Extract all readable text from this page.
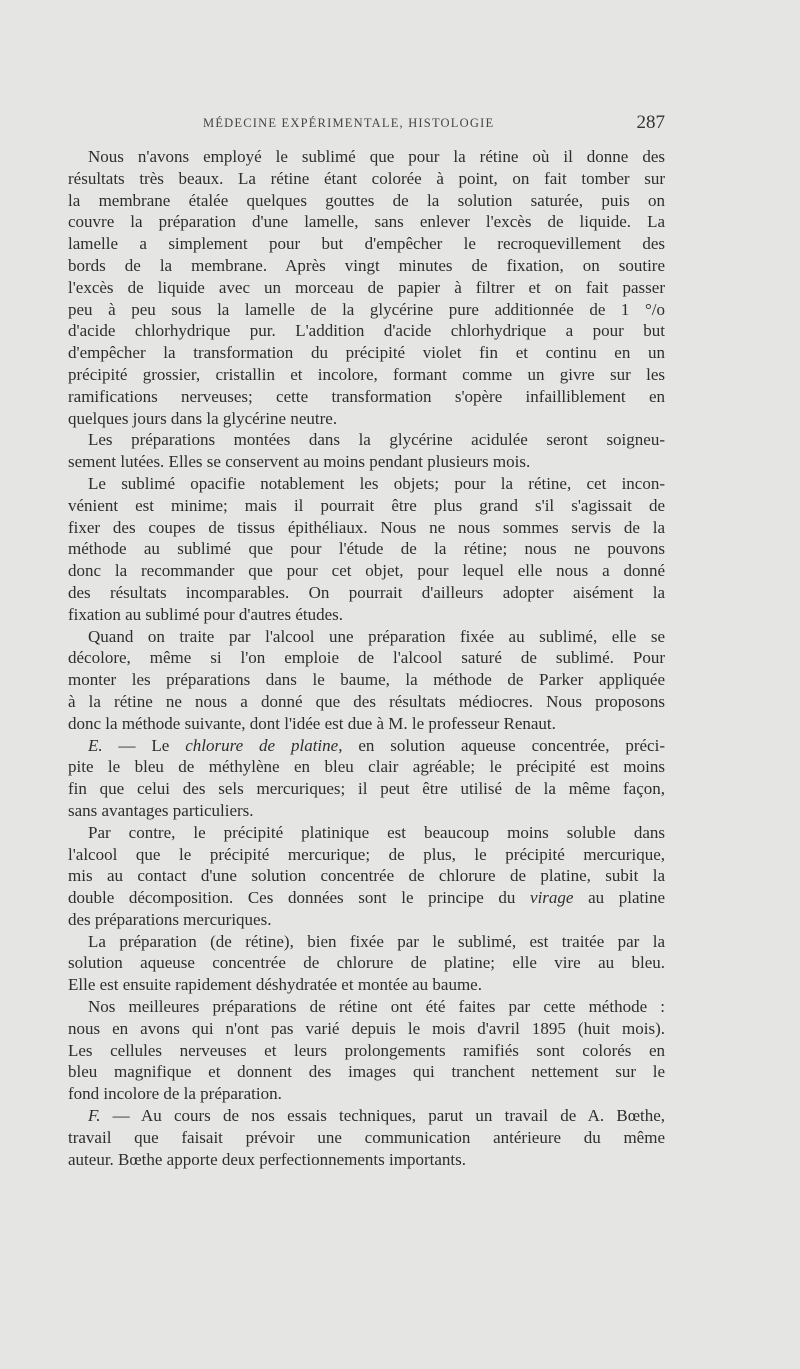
MÉDECINE EXPÉRIMENTALE, HISTOLOGIE	287
Nous n'avons employé le sublimé que pour la rétine où il donne des
résultats très beaux. La rétine étant colorée à point, on fait tomber sur
la membrane étalée quelques gouttes de la solution saturée, puis on
couvre la préparation d'une lamelle, sans enlever l'excès de liquide. La
lamelle a simplement pour but d'empêcher le recroquevillement des
bords de la membrane. Après vingt minutes de fixation, on soutire
l'excès de liquide avec un morceau de papier à filtrer et on fait passer
peu à peu sous la lamelle de la glycérine pure additionnée de 1 °/o
d'acide chlorhydrique pur. L'addition d'acide chlorhydrique a pour but
d'empêcher la transformation du précipité violet fin et continu en un
précipité grossier, cristallin et incolore, formant comme un givre sur les
ramifications nerveuses; cette transformation s'opère infailliblement en
quelques jours dans la glycérine neutre.
Les préparations montées dans la glycérine acidulée seront soigneu-
sement lutées. Elles se conservent au moins pendant plusieurs mois.
Le sublimé opacifie notablement les objets; pour la rétine, cet incon-
vénient est minime; mais il pourrait être plus grand s'il s'agissait de
fixer des coupes de tissus épithéliaux. Nous ne nous sommes servis de la
méthode au sublimé que pour l'étude de la rétine; nous ne pouvons
donc la recommander que pour cet objet, pour lequel elle nous a donné
des résultats incomparables. On pourrait d'ailleurs adopter aisément la
fixation au sublimé pour d'autres études.
Quand on traite par l'alcool une préparation fixée au sublimé, elle se
décolore, même si l'on emploie de l'alcool saturé de sublimé. Pour
monter les préparations dans le baume, la méthode de Parker appliquée
à la rétine ne nous a donné que des résultats médiocres. Nous proposons
donc la méthode suivante, dont l'idée est due à M. le professeur Renaut.
E. — Le chlorure de platine, en solution aqueuse concentrée, préci-
pite le bleu de méthylène en bleu clair agréable; le précipité est moins
fin que celui des sels mercuriques; il peut être utilisé de la même façon,
sans avantages particuliers.
Par contre, le précipité platinique est beaucoup moins soluble dans
l'alcool que le précipité mercurique; de plus, le précipité mercurique,
mis au contact d'une solution concentrée de chlorure de platine, subit la
double décomposition. Ces données sont le principe du virage au platine
des préparations mercuriques.
La préparation (de rétine), bien fixée par le sublimé, est traitée par la
solution aqueuse concentrée de chlorure de platine; elle vire au bleu.
Elle est ensuite rapidement déshydratée et montée au baume.
Nos meilleures préparations de rétine ont été faites par cette méthode :
nous en avons qui n'ont pas varié depuis le mois d'avril 1895 (huit mois).
Les cellules nerveuses et leurs prolongements ramifiés sont colorés en
bleu magnifique et donnent des images qui tranchent nettement sur le
fond incolore de la préparation.
F. — Au cours de nos essais techniques, parut un travail de A. Bœthe,
travail que faisait prévoir une communication antérieure du même
auteur. Bœthe apporte deux perfectionnements importants.
